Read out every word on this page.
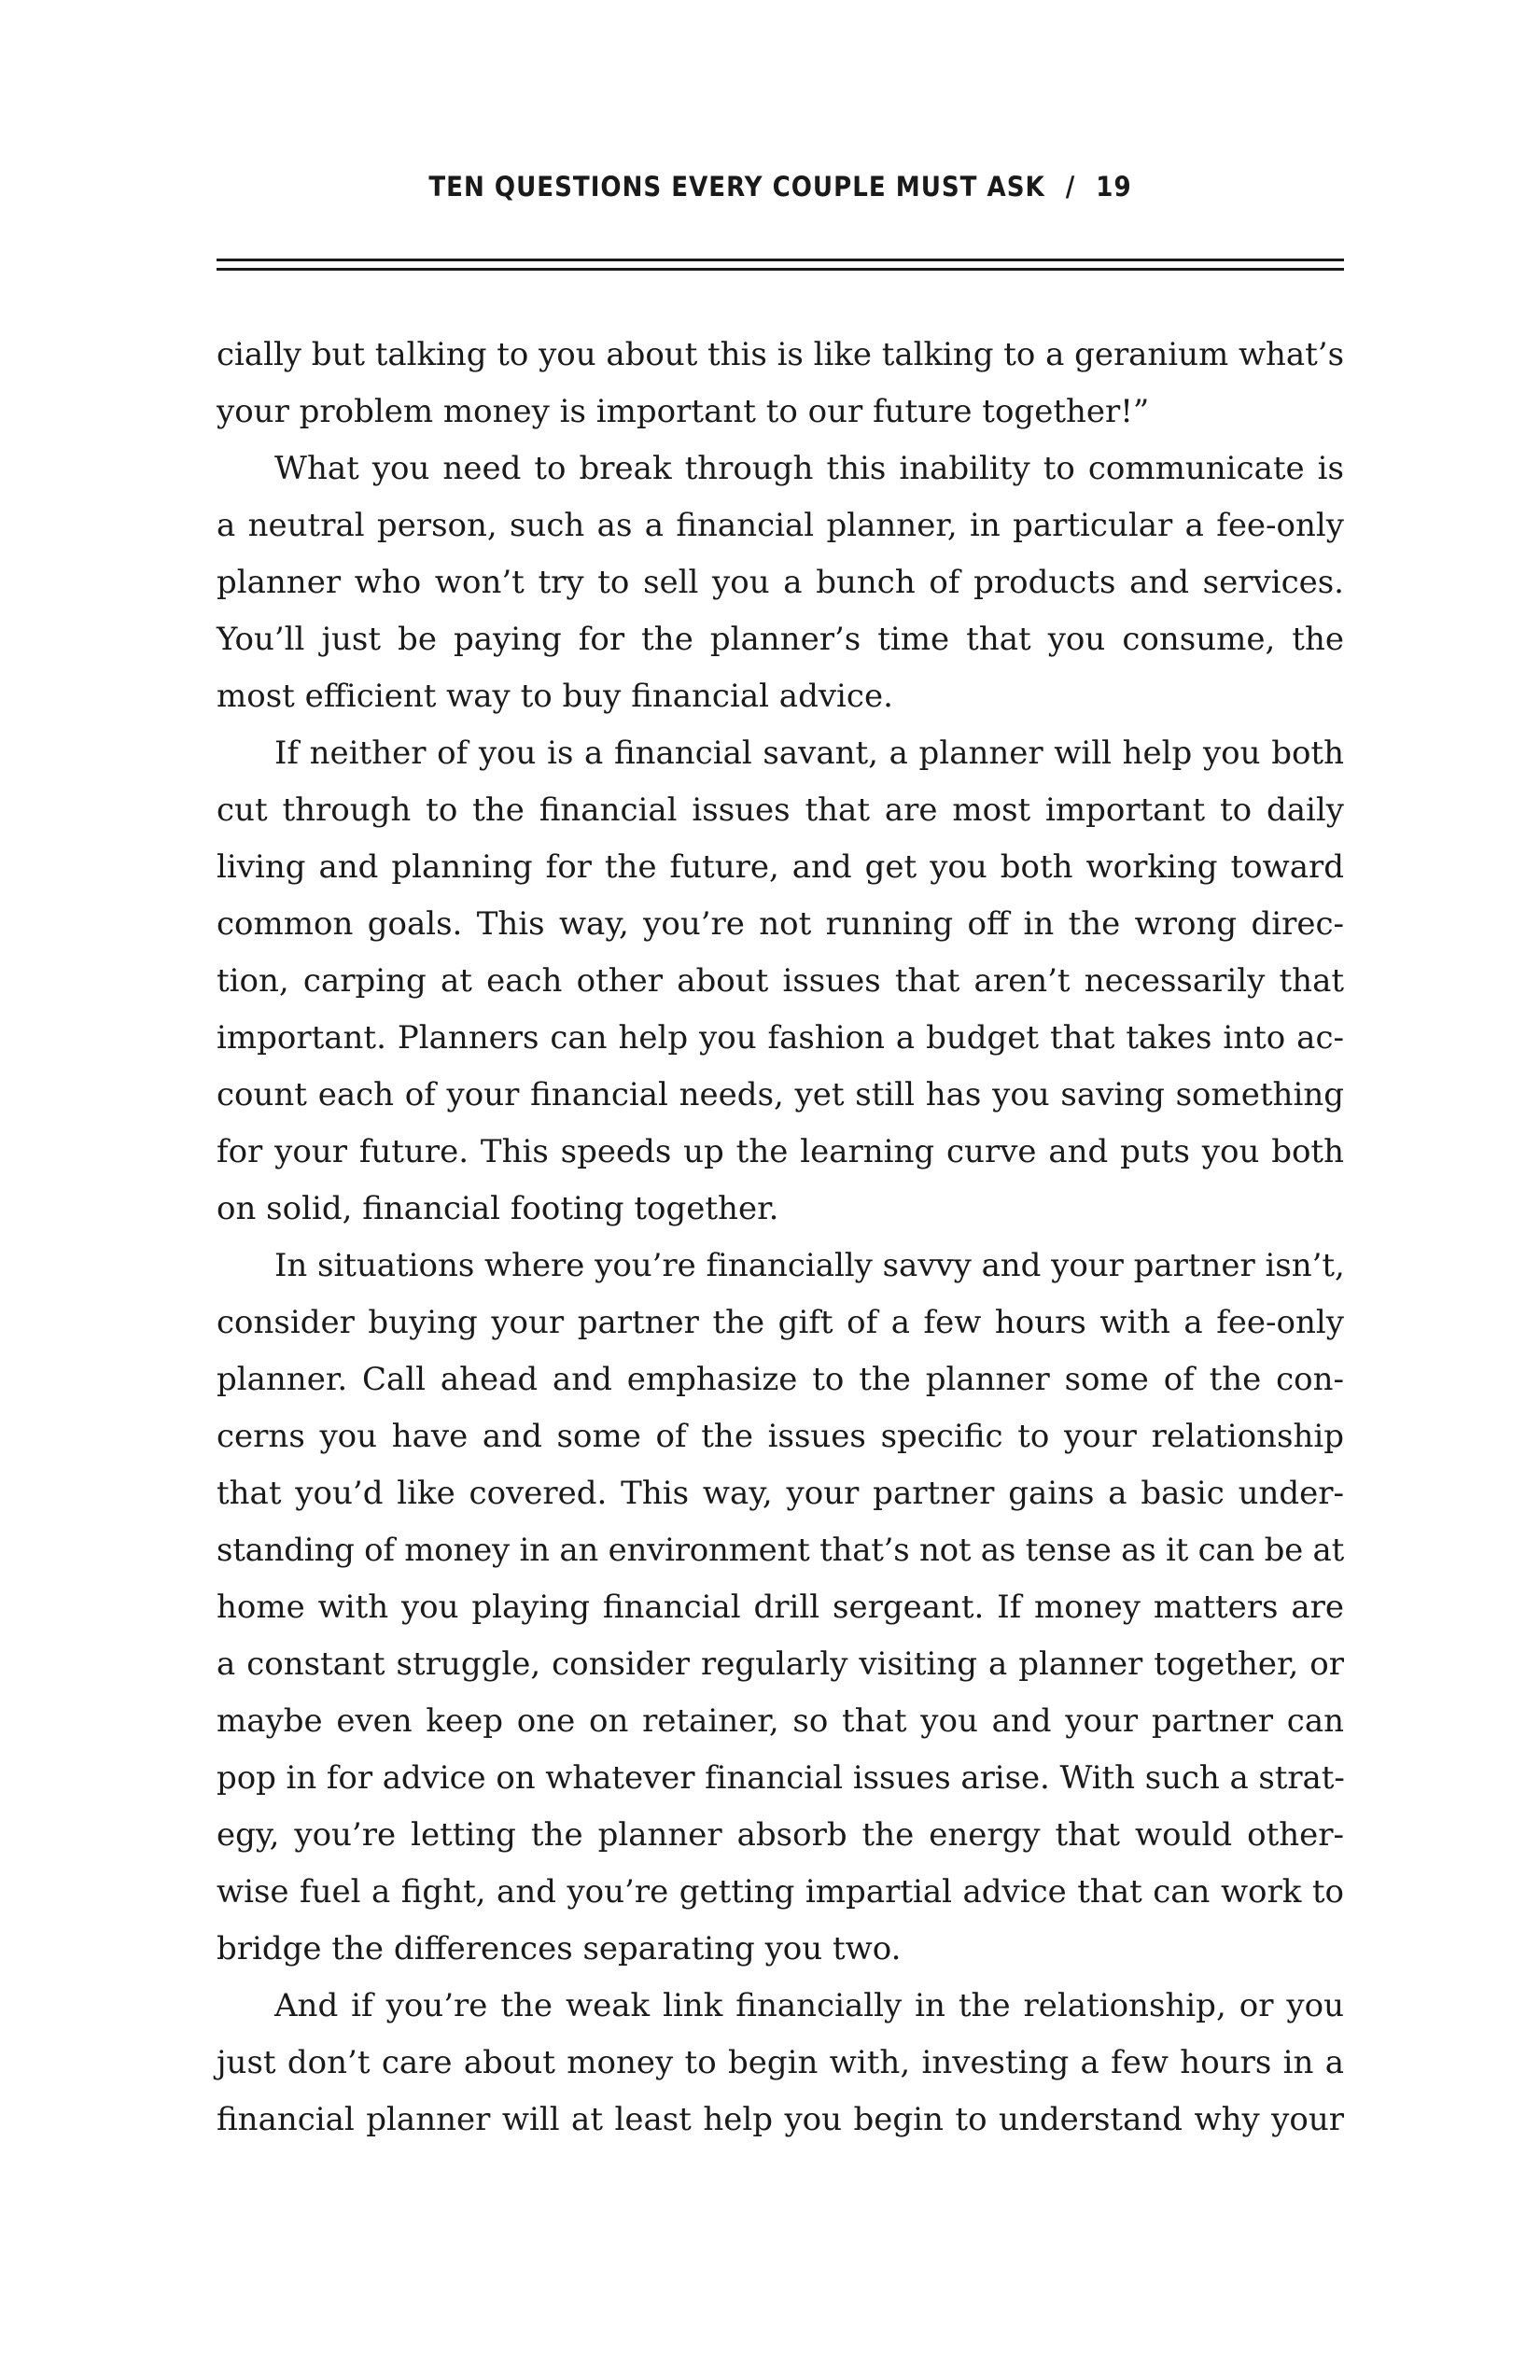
TEN QUESTIONS EVERY COUPLE MUST ASK / 19
cially but talking to you about this is like talking to a geranium what’s
your problem money is important to our future together!”
What you need to break through this inability to communicate is
a neutral person, such as a financial planner, in particular a fee-only
planner who won’t try to sell you a bunch of products and services.
You’ll just be paying for the planner’s time that you consume, the
most efficient way to buy financial advice.
If neither of you is a financial savant, a planner will help you both
cut through to the financial issues that are most important to daily
living and planning for the future, and get you both working toward
common goals. This way, you’re not running off in the wrong direc-
tion, carping at each other about issues that aren’t necessarily that
important. Planners can help you fashion a budget that takes into ac-
count each of your financial needs, yet still has you saving something
for your future. This speeds up the learning curve and puts you both
on solid, financial footing together.
In situations where you’re financially savvy and your partner isn’t,
consider buying your partner the gift of a few hours with a fee-only
planner. Call ahead and emphasize to the planner some of the con-
cerns you have and some of the issues specific to your relationship
that you’d like covered. This way, your partner gains a basic under-
standing of money in an environment that’s not as tense as it can be at
home with you playing financial drill sergeant. If money matters are
a constant struggle, consider regularly visiting a planner together, or
maybe even keep one on retainer, so that you and your partner can
pop in for advice on whatever financial issues arise. With such a strat-
egy, you’re letting the planner absorb the energy that would other-
wise fuel a fight, and you’re getting impartial advice that can work to
bridge the differences separating you two.
And if you’re the weak link financially in the relationship, or you
just don’t care about money to begin with, investing a few hours in a
financial planner will at least help you begin to understand why your
